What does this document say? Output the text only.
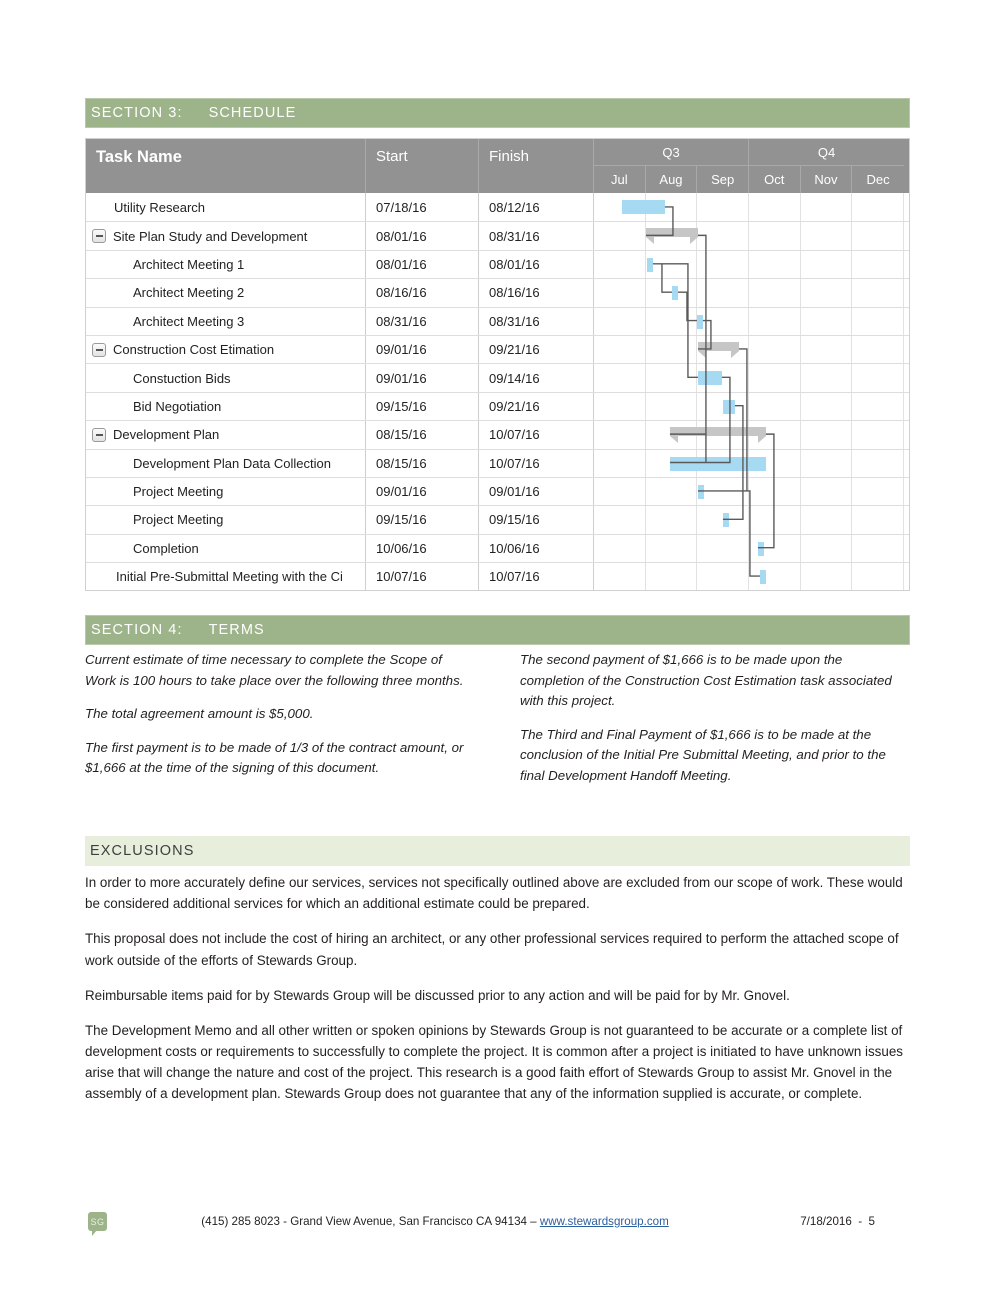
SECTION 3: SCHEDULE
Task Name	Start	Finish	Q3	Q4
Jul	Aug	Sep	Oct	Nov	Dec
Utility Research	07/18/16	08/12/16
Site Plan Study and Development	08/01/16	08/31/16
Architect Meeting 1	08/01/16	08/01/16
Architect Meeting 2	08/16/16	08/16/16
Architect Meeting 3	08/31/16	08/31/16
Construction Cost Etimation	09/01/16	09/21/16
Constuction Bids	09/01/16	09/14/16
Bid Negotiation	09/15/16	09/21/16
Development Plan	08/15/16	10/07/16
Development Plan Data Collection	08/15/16	10/07/16
Project Meeting	09/01/16	09/01/16
Project Meeting	09/15/16	09/15/16
Completion	10/06/16	10/06/16
Initial Pre-Submittal Meeting with the Ci	10/07/16	10/07/16
SECTION 4: TERMS

Current estimate of time necessary to complete the Scope of Work is 100 hours to take place over the following three months.

The total agreement amount is $5,000.

The first payment is to be made of 1/3 of the contract amount, or $1,666 at the time of the signing of this document.

The second payment of $1,666 is to be made upon the completion of the Construction Cost Estimation task associated with this project.

The Third and Final Payment of $1,666 is to be made at the conclusion of the Initial Pre Submittal Meeting, and prior to the final Development Handoff Meeting.

EXCLUSIONS

In order to more accurately define our services, services not specifically outlined above are excluded from our scope of work. These would be considered additional services for which an additional estimate could be prepared.

This proposal does not include the cost of hiring an architect, or any other professional services required to perform the attached scope of work outside of the efforts of Stewards Group.

Reimbursable items paid for by Stewards Group will be discussed prior to any action and will be paid for by Mr. Gnovel.

The Development Memo and all other written or spoken opinions by Stewards Group is not guaranteed to be accurate or a complete list of development costs or requirements to successfully to complete the project. It is common after a project is initiated to have unknown issues arise that will change the nature and cost of the project. This research is a good faith effort of Stewards Group to assist Mr. Gnovel in the assembly of a development plan. Stewards Group does not guarantee that any of the information supplied is accurate, or complete.

SG	(415) 285 8023 - Grand View Avenue, San Francisco CA 94134 – www.stewardsgroup.com	7/18/2016  -  5
